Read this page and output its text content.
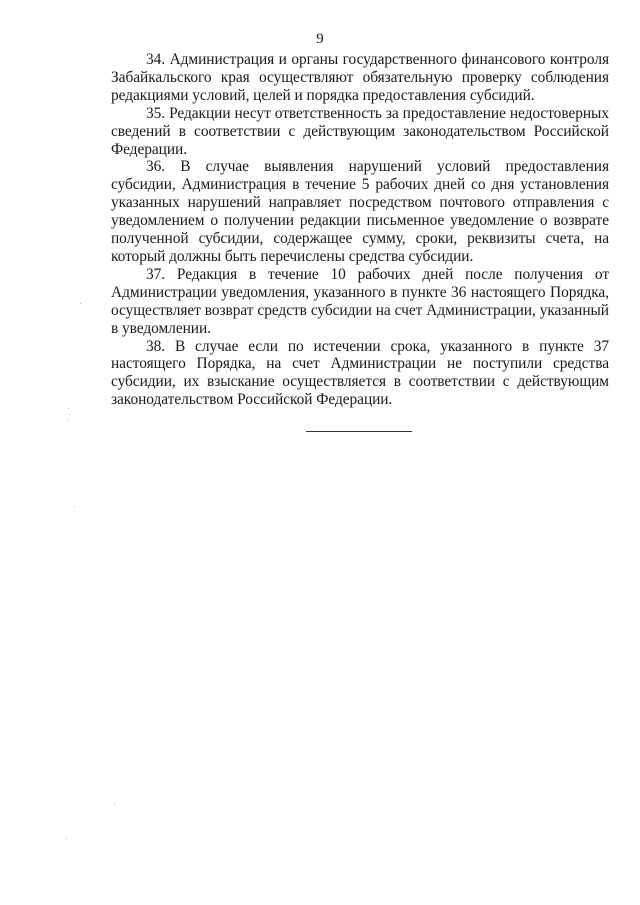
9

34. Администрация и органы государственного финансового контроля Забайкальского края осуществляют обязательную проверку соблюдения редакциями условий, целей и порядка предоставления субсидий.

35. Редакции несут ответственность за предоставление недостоверных сведений в соответствии с действующим законодательством Российской Федерации.

36. В случае выявления нарушений условий предоставления субсидии, Администрация в течение 5 рабочих дней со дня установления указанных нарушений направляет посредством почтового отправления с уведомлением о получении редакции письменное уведомление о возврате полученной субсидии, содержащее сумму, сроки, реквизиты счета, на который должны быть перечислены средства субсидии.

37. Редакция в течение 10 рабочих дней после получения от Администрации уведомления, указанного в пункте 36 настоящего Порядка, осуществляет возврат средств субсидии на счет Администрации, указанный в уведомлении.

38. В случае если по истечении срока, указанного в пункте 37 настоящего Порядка, на счет Администрации не поступили средства субсидии, их взыскание осуществляется в соответствии с действующим законодательством Российской Федерации.
